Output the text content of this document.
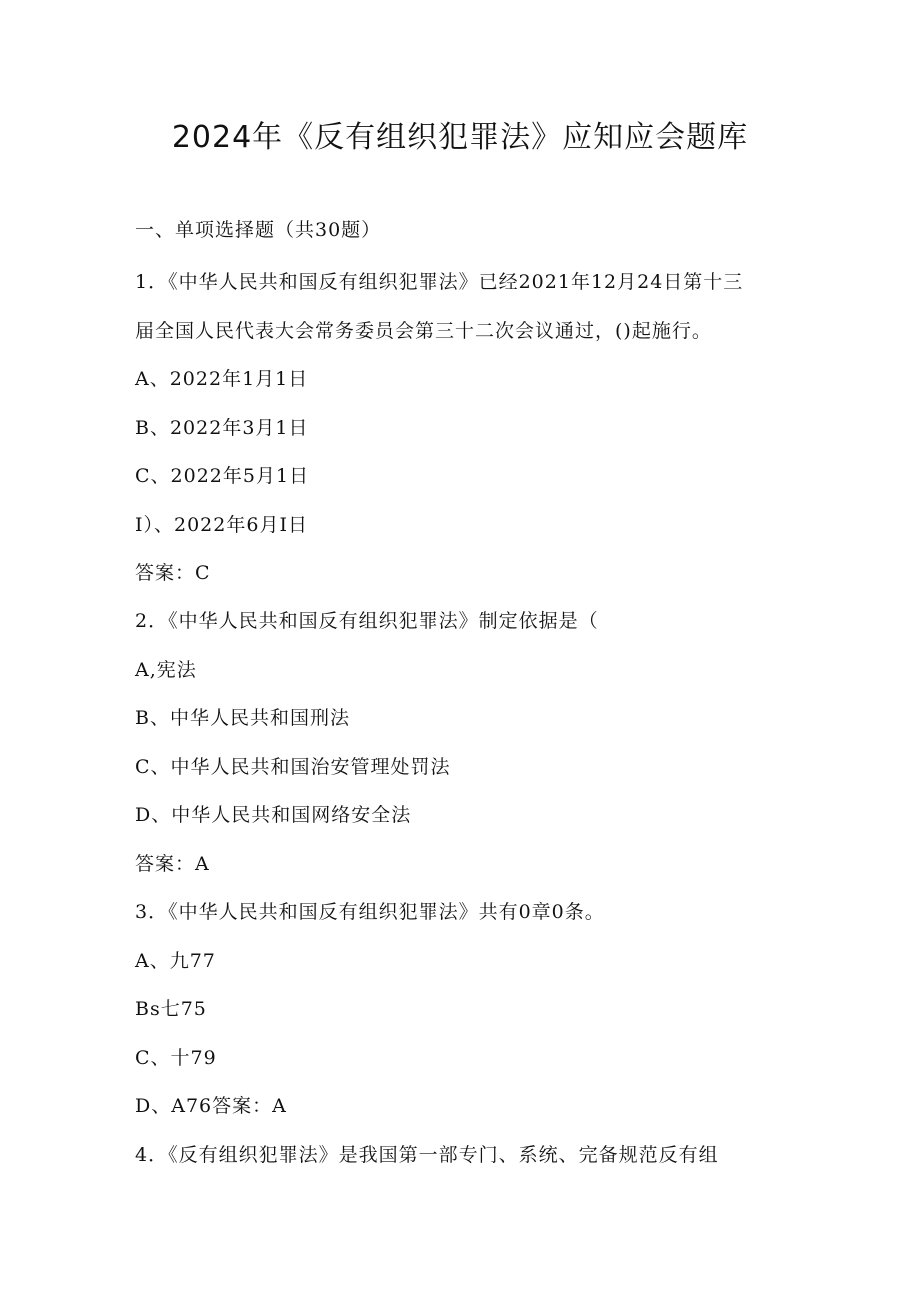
2024年《反有组织犯罪法》应知应会题库
一、单项选择题（共30题）
1．《中华人民共和国反有组织犯罪法》已经2021年12月24日第十三
届全国人民代表大会常务委员会第三十二次会议通过，()起施行。
A、2022年1月1日
B、2022年3月1日
C、2022年5月1日
I）、2022年6月I日
答案：C
2．《中华人民共和国反有组织犯罪法》制定依据是（
A,宪法
B、中华人民共和国刑法
C、中华人民共和国治安管理处罚法
D、中华人民共和国网络安全法
答案：A
3．《中华人民共和国反有组织犯罪法》共有0章0条。
A、九77
Bs七75
C、十79
D、A76答案：A
4．《反有组织犯罪法》是我国第一部专门、系统、完备规范反有组
